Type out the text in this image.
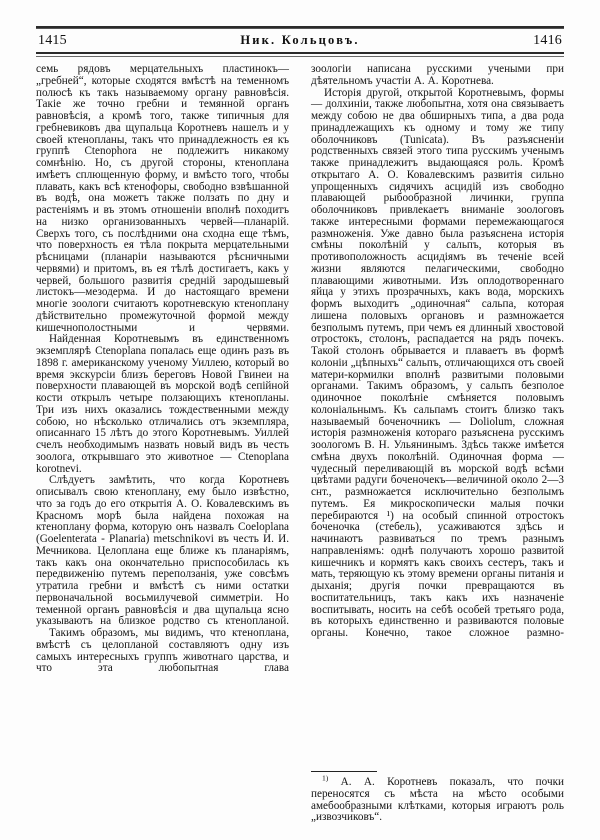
1415	Ник. Кольцовъ.	1416

семь рядовъ мерцательныхъ пластинокъ— „гребней“, которые сходятся вмѣстѣ на теменномъ полюсѣ къ такъ называемому органу равновѣсiя. Такiе же точно гребни и темянной органъ равновѣсiя, а кромѣ того, также типичныя для гребневиковъ два щупальца Коротневъ нашелъ и у своей ктенопланы, такъ что принадлежность ея къ группѣ Ctenophora не подлежитъ никакому сомнѣнiю. Но, съ другой стороны, ктеноплана имѣетъ сплющенную форму, и вмѣсто того, чтобы плавать, какъ всѣ ктенофоры, свободно взвѣшанной въ водѣ, она можетъ также ползать по дну и растенiямъ и въ этомъ отношенiи вполнѣ походитъ на низко организованныхъ червей—планарiй. Сверхъ того, съ послѣдними она сходна еще тѣмъ, что поверхность ея тѣла покрыта мерцательными рѣсницами (планарiи называются рѣсничными червями) и притомъ, въ ея тѣлѣ достигаетъ, какъ у червей, большого развитiя среднiй зародышевый листокъ—мезодерма. И до настоящаго времени многiе зоологи считаютъ коротневскую ктеноплану дѣйствительно промежуточной формой между кишечнополостными и червями.

Найденная Коротневымъ въ единственномъ экземплярѣ Ctenoplana попалась еще одинъ разъ въ 1898 г. американскому ученому Уиллею, который во время экскурсiи близъ береговъ Новой Гвинеи на поверхности плавающей въ морской водѣ сепiйной кости открылъ четыре ползающихъ ктенопланы. Три изъ нихъ оказались тождественными между собою, но нѣсколько отличались отъ экземпляра, описаннаго 15 лѣтъ до этого Коротневымъ. Уиллей счелъ необходимымъ назвать новый видъ въ честь зоолога, открывшаго это животное — Ctenoplana korotnevi.

Слѣдуетъ замѣтить, что когда Коротневъ описывалъ свою ктеноплану, ему было извѣстно, что за годъ до его открытiя А. О. Ковалевскимъ въ Красномъ морѣ была найдена похожая на ктеноплану форма, которую онъ назвалъ Coeloplana (Goelenterata - Planaria) metschnikovi въ честь И. И. Мечникова. Целоплана еще ближе къ планарiямъ, такъ какъ она окончательно приспособилась къ передвиженiю путемъ переползанiя, уже совсѣмъ утратила гребни и вмѣстѣ съ ними остатки первоначальной восьмилучевой симметрiи. Но теменной органъ равновѣсiя и два щупальца ясно указываютъ на близкое родство съ ктенопланой.

Такимъ образомъ, мы видимъ, что ктеноплана, вмѣстѣ съ целопланой составляютъ одну изъ самыхъ интересныхъ группъ животнаго царства, и что эта любопытная глава

зоологiи написана русскими учеными при дѣятельномъ участiи А. А. Коротнева.

Исторiя другой, открытой Коротневымъ, формы — долхинiи, также любопытна, хотя она связываетъ между собою не два обширныхъ типа, а два рода принадлежащихъ къ одному и тому же типу оболочниковъ (Tunicata). Въ разъясненiи родственныхъ связей этого типа русскимъ ученымъ также принадлежитъ выдающаяся роль. Кромѣ открытаго А. О. Ковалевскимъ развитiя сильно упрощенныхъ сидячихъ асцидiй изъ свободно плавающей рыбообразной личинки, группа оболочниковъ привлекаетъ вниманiе зоологовъ также интересными формами перемежающагося размноженiя. Уже давно была разъяснена исторiя смѣны поколѣнiй у сальпъ, которыя въ противоположность асцидiямъ въ теченiе всей жизни являются пелагическими, свободно плавающими животными. Изъ оплодотвореннаго яйца у этихъ прозрачныхъ, какъ вода, морскихъ формъ выходитъ „одиночная“ сальпа, которая лишена половыхъ органовъ и размножается безполымъ путемъ, при чемъ ея длинный хвостовой отростокъ, столонъ, распадается на рядъ почекъ. Такой столонъ обрывается и плаваетъ въ формѣ колонiи „цѣпныхъ“ сальпъ, отличающихся отъ своей матери-кормилки вполнѣ развитыми половыми органами. Такимъ образомъ, у сальпъ безполое одиночное поколѣнiе смѣняется половымъ колонiальнымъ. Къ сальпамъ стоитъ близко такъ называемый боченочникъ — Doliolum, сложная исторiя размноженiя котораго разъяснена русскимъ зоологомъ В. Н. Ульянинымъ. Здѣсь также имѣется смѣна двухъ поколѣнiй. Одиночная форма — чудесный переливающiй въ морской водѣ всѣми цвѣтами радуги боченочекъ—величиной около 2—3 снт., размножается исключительно безполымъ путемъ. Ея микроскопически малыя почки перебираются ¹) на особый спинной отростокъ боченочка (стебель), усаживаются здѣсь и начинаютъ развиваться по тремъ разнымъ направленiямъ: однѣ получаютъ хорошо развитой кишечникъ и кормятъ какъ своихъ сестеръ, такъ и мать, теряющую къ этому времени органы питанiя и дыханiя; другiя почки превращаются въ воспитательницъ, такъ какъ ихъ назначенiе воспитывать, носить на себѣ особей третьяго рода, въ которыхъ единственно и развиваются половые органы. Конечно, такое сложное размно-

$^{1)}$ А. А. Коротневъ показалъ, что почки переносятся съ мѣста на мѣсто особыми амебообразными клѣтками, которыя играютъ роль „извозчиковъ“.
